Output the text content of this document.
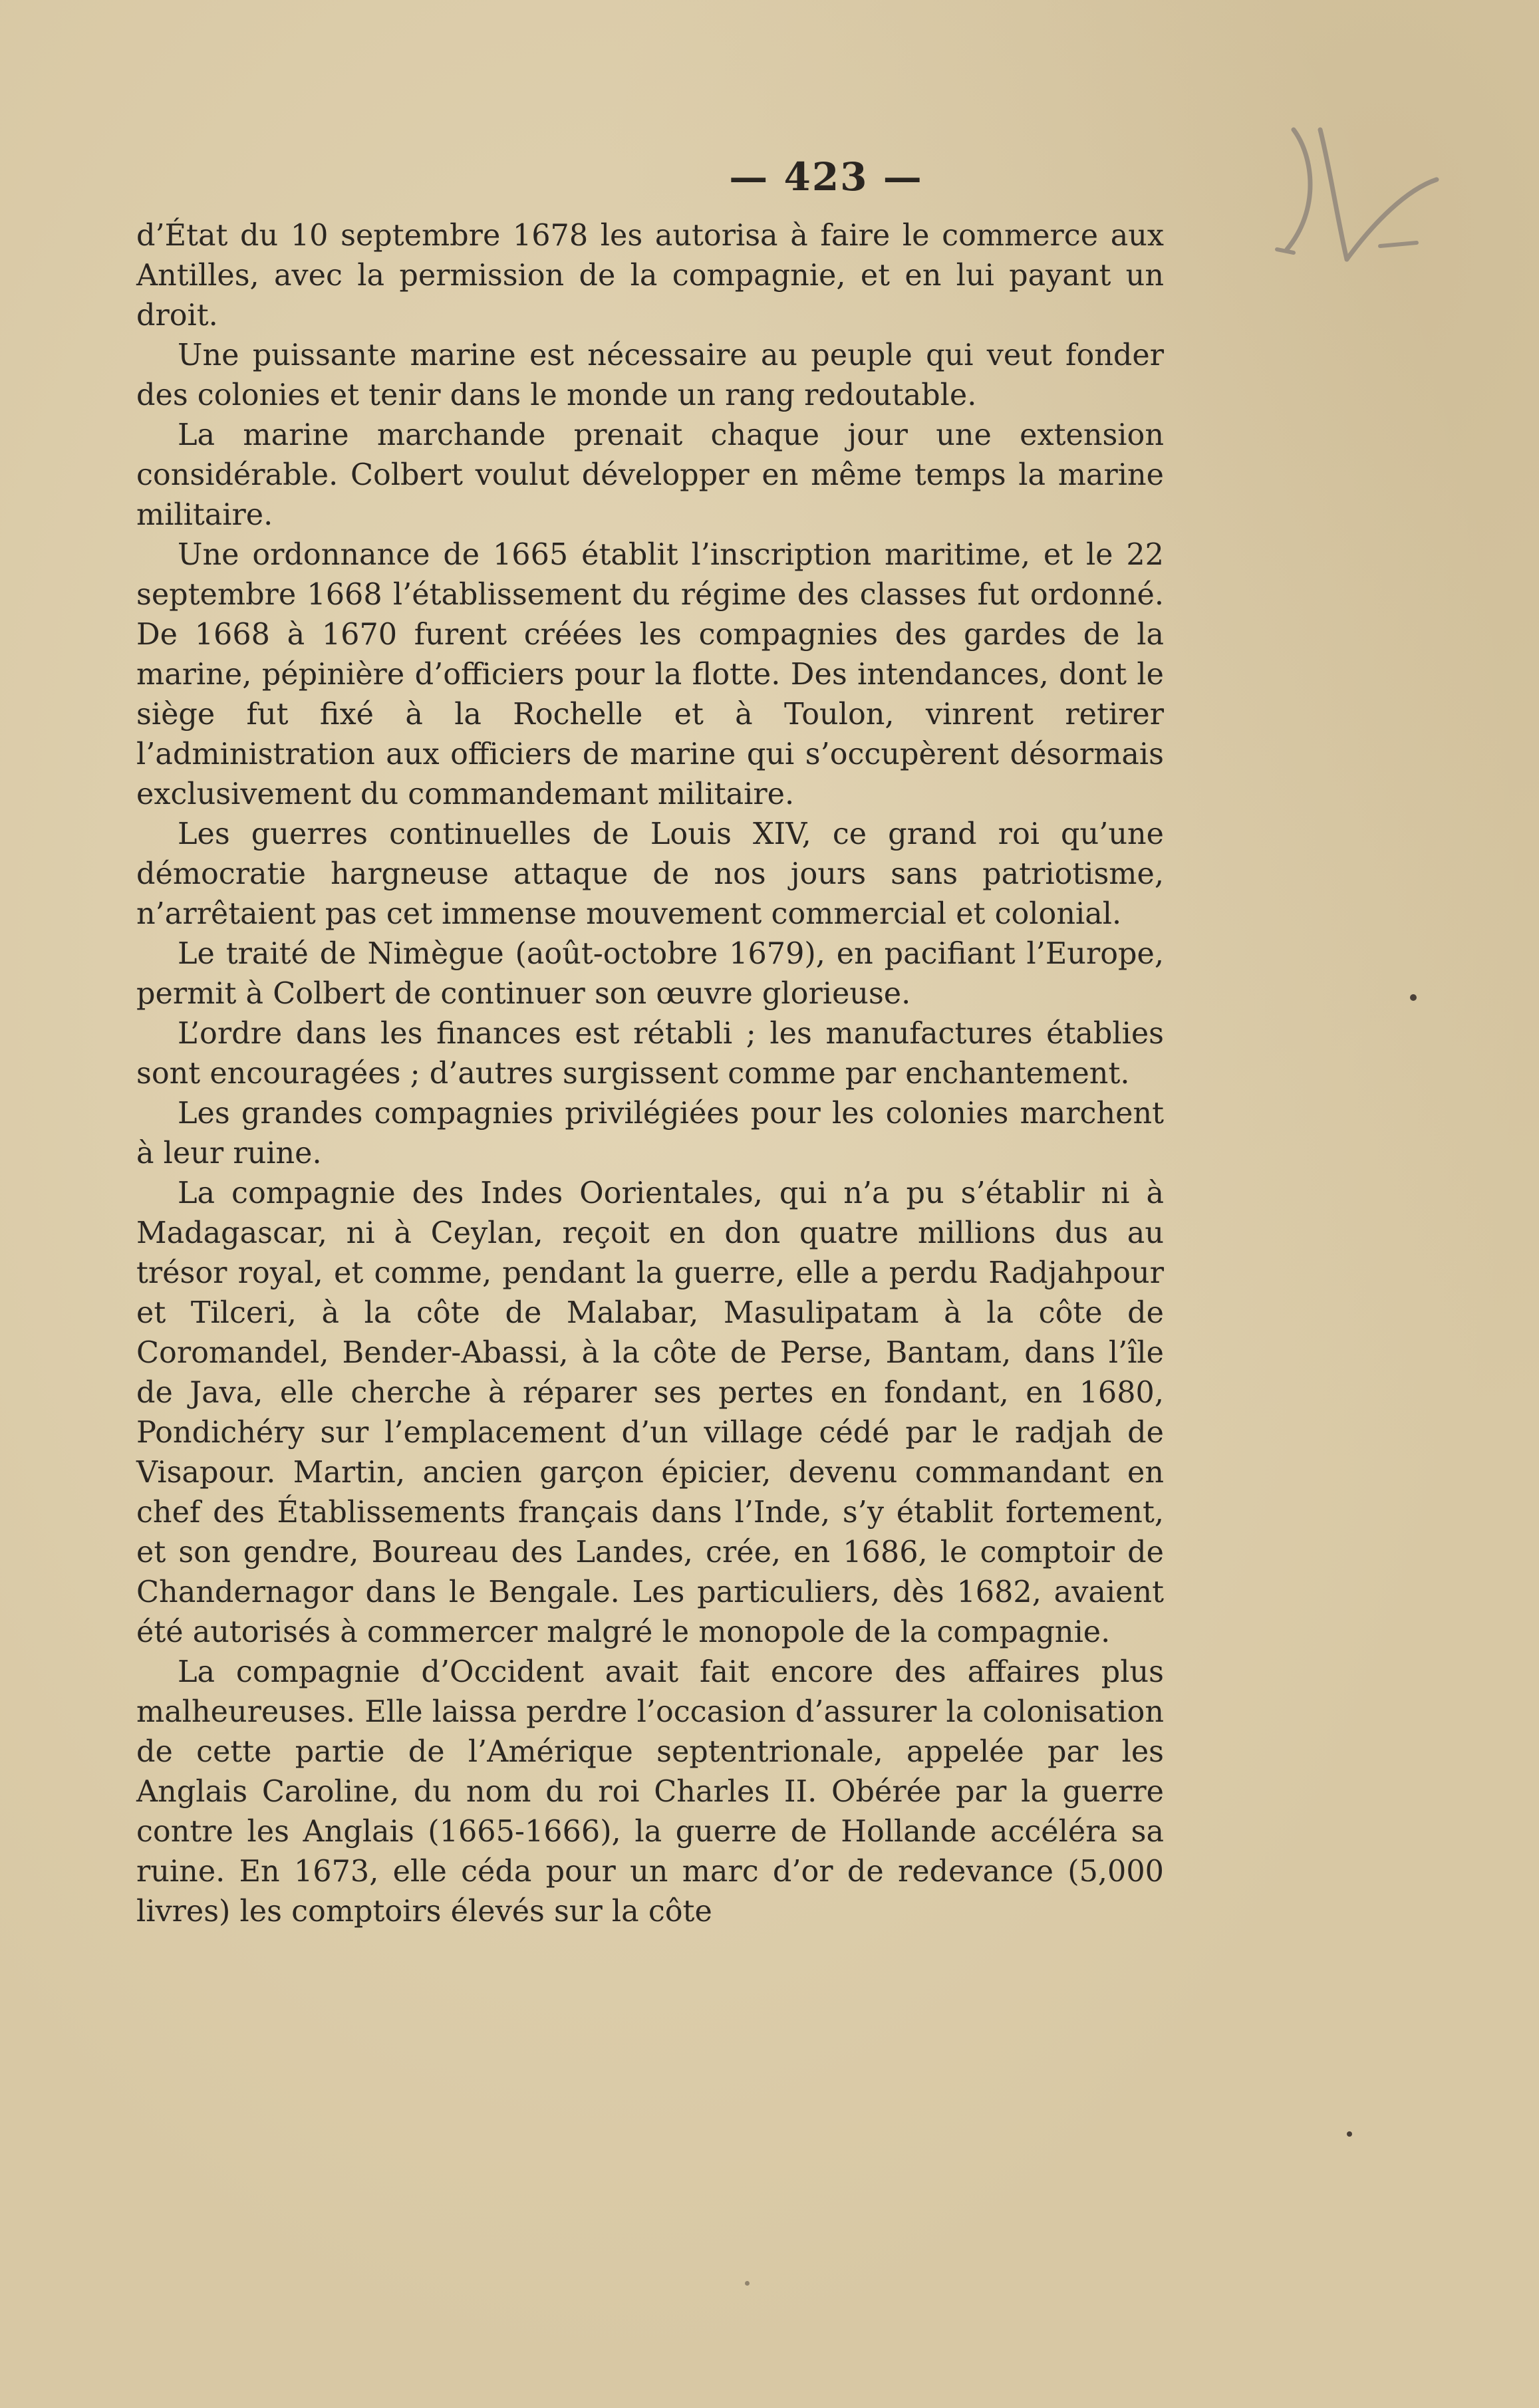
— 423 —

d’État du 10 septembre 1678 les autorisa à faire le commerce aux Antilles, avec la permission de la compagnie, et en lui payant un droit.

Une puissante marine est nécessaire au peuple qui veut fonder des colonies et tenir dans le monde un rang redoutable.

La marine marchande prenait chaque jour une extension considérable. Colbert voulut développer en même temps la marine militaire.

Une ordonnance de 1665 établit l’inscription maritime, et le 22 septembre 1668 l’établissement du régime des classes fut ordonné. De 1668 à 1670 furent créées les compagnies des gardes de la marine, pépinière d’officiers pour la flotte. Des intendances, dont le siège fut fixé à la Rochelle et à Toulon, vinrent retirer l’administration aux officiers de marine qui s’occupèrent désormais exclusivement du commandemant militaire.

Les guerres continuelles de Louis XIV, ce grand roi qu’une démocratie hargneuse attaque de nos jours sans patriotisme, n’arrêtaient pas cet immense mouvement commercial et colonial.

Le traité de Nimègue (août-octobre 1679), en pacifiant l’Europe, permit à Colbert de continuer son œuvre glorieuse.

L’ordre dans les finances est rétabli ; les manufactures établies sont encouragées ; d’autres surgissent comme par enchantement.

Les grandes compagnies privilégiées pour les colonies marchent à leur ruine.

La compagnie des Indes Oorientales, qui n’a pu s’établir ni à Madagascar, ni à Ceylan, reçoit en don quatre millions dus au trésor royal, et comme, pendant la guerre, elle a perdu Radjahpour et Tilceri, à la côte de Malabar, Masulipatam à la côte de Coromandel, Bender-Abassi, à la côte de Perse, Bantam, dans l’île de Java, elle cherche à réparer ses pertes en fondant, en 1680, Pondichéry sur l’emplacement d’un village cédé par le radjah de Visapour. Martin, ancien garçon épicier, devenu commandant en chef des Établissements français dans l’Inde, s’y établit fortement, et son gendre, Boureau des Landes, crée, en 1686, le comptoir de Chandernagor dans le Bengale. Les particuliers, dès 1682, avaient été autorisés à commercer malgré le monopole de la compagnie.

La compagnie d’Occident avait fait encore des affaires plus malheureuses. Elle laissa perdre l’occasion d’assurer la colonisation de cette partie de l’Amérique septentrionale, appelée par les Anglais Caroline, du nom du roi Charles II. Obérée par la guerre contre les Anglais (1665-1666), la guerre de Hollande accéléra sa ruine. En 1673, elle céda pour un marc d’or de redevance (5,000 livres) les comptoirs élevés sur la côte
